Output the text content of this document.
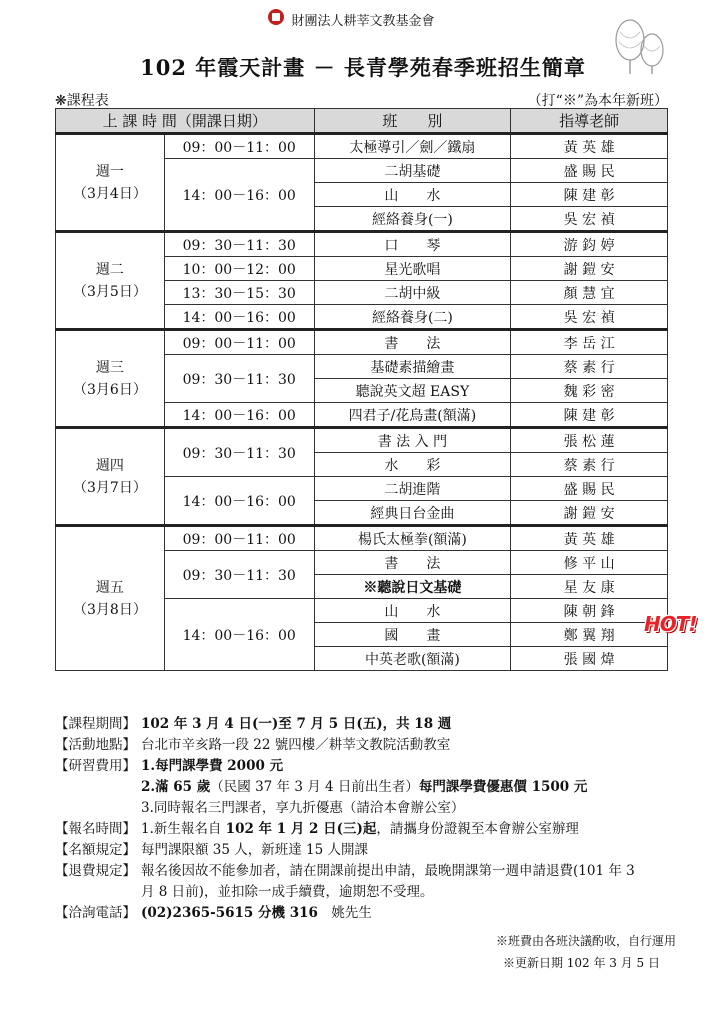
財團法人耕莘文教基金會
102 年霞天計畫 － 長青學苑春季班招生簡章
❋課程表	（打“※”為本年新班）
上 課 時 間（開課日期）		班　　別	指導老師

週一
（3月4日）	09：00－11：00	太極導引／劍／鐵扇	黃 英 雄
	14：00－16：00	二胡基礎	盛 賜 民
		山　　水	陳 建 彰
		經絡養身(一)	吳 宏 禎

週二
（3月5日）	09：30－11：30	口　　琴	游 鈞 婷
	10：00－12：00	星光歌唱	謝 鎧 安
	13：30－15：30	二胡中級	顏 慧 宜
	14：00－16：00	經絡養身(二)	吳 宏 禎

週三
（3月6日）	09：00－11：00	書　　法	李 岳 江
	09：30－11：30	基礎素描繪畫	蔡 素 行
		聽說英文超 EASY	魏 彩 密
	14：00－16：00	四君子/花鳥畫(額滿)	陳 建 彰

週四
（3月7日）	09：30－11：30	書 法 入 門	張 松 蓮
		水　　彩	蔡 素 行
	14：00－16：00	二胡進階	盛 賜 民
		經典日台金曲	謝 鎧 安

週五
（3月8日）	09：00－11：00	楊氏太極拳(額滿)	黃 英 雄
	09：30－11：30	書　　法	修 平 山
		※聽說日文基礎	星 友 康
	14：00－16：00	山　　水	陳 朝 鋒
		國　　畫	鄭 翼 翔
		中英老歌(額滿)	張 國 煒
HOT!
【課程期間】 102 年 3 月 4 日(一)至 7 月 5 日(五)，共 18 週
【活動地點】 台北市辛亥路一段 22 號四樓／耕莘文教院活動教室
【研習費用】 1.每門課學費 2000 元
2.滿 65 歲（民國 37 年 3 月 4 日前出生者）每門課學費優惠價 1500 元
3.同時報名三門課者，享九折優惠（請洽本會辦公室）
【報名時間】 1.新生報名自 102 年 1 月 2 日(三)起，請攜身份證親至本會辦公室辦理
【名額規定】 每門課限額 35 人，新班達 15 人開課
【退費規定】 報名後因故不能參加者，請在開課前提出申請，最晚開課第一週申請退費(101 年 3
月 8 日前)，並扣除一成手續費，逾期恕不受理。
【洽詢電話】 (02)2365-5615 分機 316　姚先生
※班費由各班決議酌收，自行運用
※更新日期 102 年 3 月 5 日
